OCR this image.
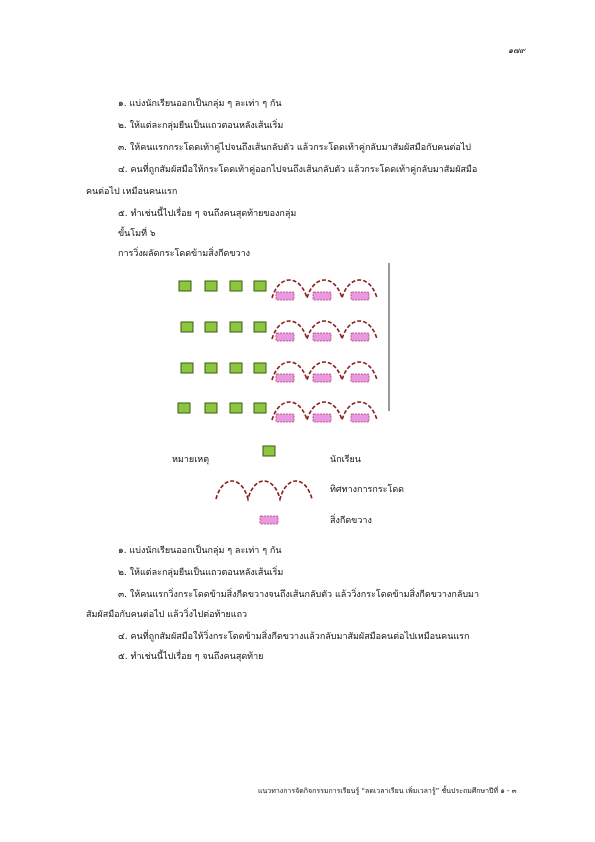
๑๗๙
๑. แบ่งนักเรียนออกเป็นกลุ่ม ๆ ละเท่า ๆ กัน
๒. ให้แต่ละกลุ่มยืนเป็นแถวตอนหลังเส้นเริ่ม
๓. ให้คนแรกกระโดดเท้าคู่ไปจนถึงเส้นกลับตัว แล้วกระโดดเท้าคู่กลับมาสัมผัสมือกับคนต่อไป
๔. คนที่ถูกสัมผัสมือให้กระโดดเท้าคู่ออกไปจนถึงเส้นกลับตัว แล้วกระโดดเท้าคู่กลับมาสัมผัสมือ
คนต่อไป เหมือนคนแรก
๕. ทำเช่นนี้ไปเรื่อย ๆ จนถึงคนสุดท้ายของกลุ่ม
ขั้นโมที่ ๖
การวิ่งผลัดกระโดดข้ามสิ่งกีดขวาง
หมายเหตุ	นักเรียน
ทิศทางการกระโดด
สิ่งกีดขวาง
๑. แบ่งนักเรียนออกเป็นกลุ่ม ๆ ละเท่า ๆ กัน
๒. ให้แต่ละกลุ่มยืนเป็นแถวตอนหลังเส้นเริ่ม
๓. ให้คนแรกวิ่งกระโดดข้ามสิ่งกีดขวางจนถึงเส้นกลับตัว แล้ววิ่งกระโดดข้ามสิ่งกีดขวางกลับมา
สัมผัสมือกับคนต่อไป แล้ววิ่งไปต่อท้ายแถว
๔. คนที่ถูกสัมผัสมือให้วิ่งกระโดดข้ามสิ่งกีดขวางแล้วกลับมาสัมผัสมือคนต่อไปเหมือนคนแรก
๕. ทำเช่นนี้ไปเรื่อย ๆ จนถึงคนสุดท้าย
แนวทางการจัดกิจกรรมการเรียนรู้ “ลดเวลาเรียน เพิ่มเวลารู้” ชั้นประถมศึกษาปีที่ ๑ - ๓
